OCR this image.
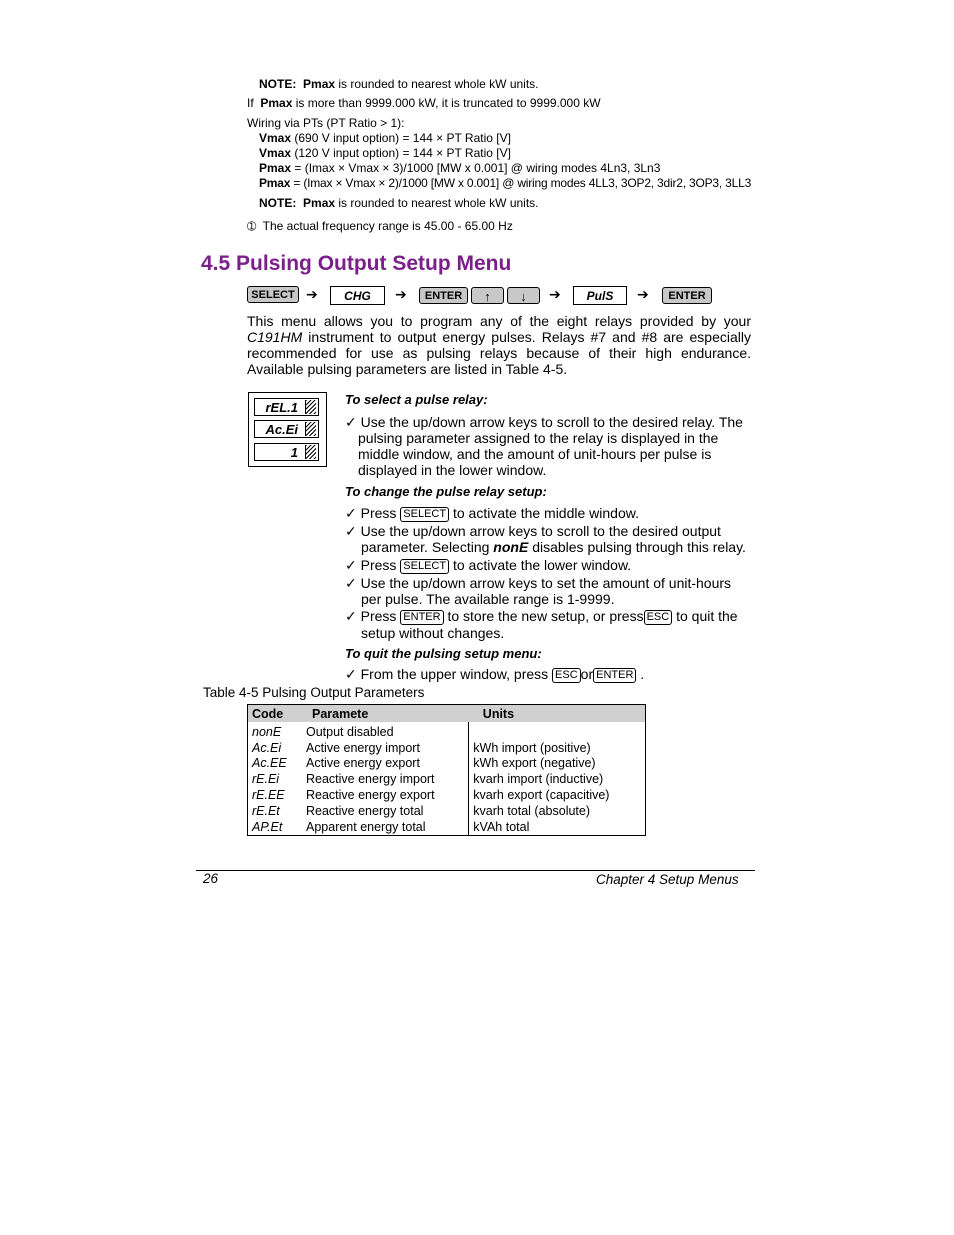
NOTE: Pmax is rounded to nearest whole kW units.
If Pmax is more than 9999.000 kW, it is truncated to 9999.000 kW
Wiring via PTs (PT Ratio > 1):
Vmax (690 V input option) = 144 × PT Ratio [V]
Vmax (120 V input option) = 144 × PT Ratio [V]
Pmax = (Imax × Vmax × 3)/1000 [MW x 0.001] @ wiring modes 4Ln3, 3Ln3
Pmax = (Imax × Vmax × 2)/1000 [MW x 0.001] @ wiring modes 4LL3, 3OP2, 3dir2, 3OP3, 3LL3
NOTE: Pmax is rounded to nearest whole kW units.
➀ The actual frequency range is 45.00 - 65.00 Hz
4.5 Pulsing Output Setup Menu
SELECT ➔	CHG	➔	ENTER	↑	↓	➔	PulS	➔	ENTER
This menu allows you to program any of the eight relays provided by your
C191HM instrument to output energy pulses. Relays #7 and #8 are especially
recommended for use as pulsing relays because of their high endurance.
Available pulsing parameters are listed in Table 4-5.
rEL.1
Ac.Ei
1
To select a pulse relay:
✓ Use the up/down arrow keys to scroll to the desired relay. The
pulsing parameter assigned to the relay is displayed in the
middle window, and the amount of unit-hours per pulse is
displayed in the lower window.
To change the pulse relay setup:
✓ Press SELECT to activate the middle window.
✓ Use the up/down arrow keys to scroll to the desired output
parameter. Selecting nonE disables pulsing through this relay.
✓ Press SELECT to activate the lower window.
✓ Use the up/down arrow keys to set the amount of unit-hours
per pulse. The available range is 1-9999.
✓ Press ENTER to store the new setup, or press ESC to quit the
setup without changes.
To quit the pulsing setup menu:
✓ From the upper window, press ESC or ENTER .
Table 4-5 Pulsing Output Parameters
Code	Paramete	Units
nonE	Output disabled	
Ac.Ei	Active energy import	kWh import (positive)
Ac.EE	Active energy export	kWh export (negative)
rE.Ei	Reactive energy import	kvarh import (inductive)
rE.EE	Reactive energy export	kvarh export (capacitive)
rE.Et	Reactive energy total	kvarh total (absolute)
AP.Et	Apparent energy total	kVAh total
26	Chapter 4 Setup Menus
